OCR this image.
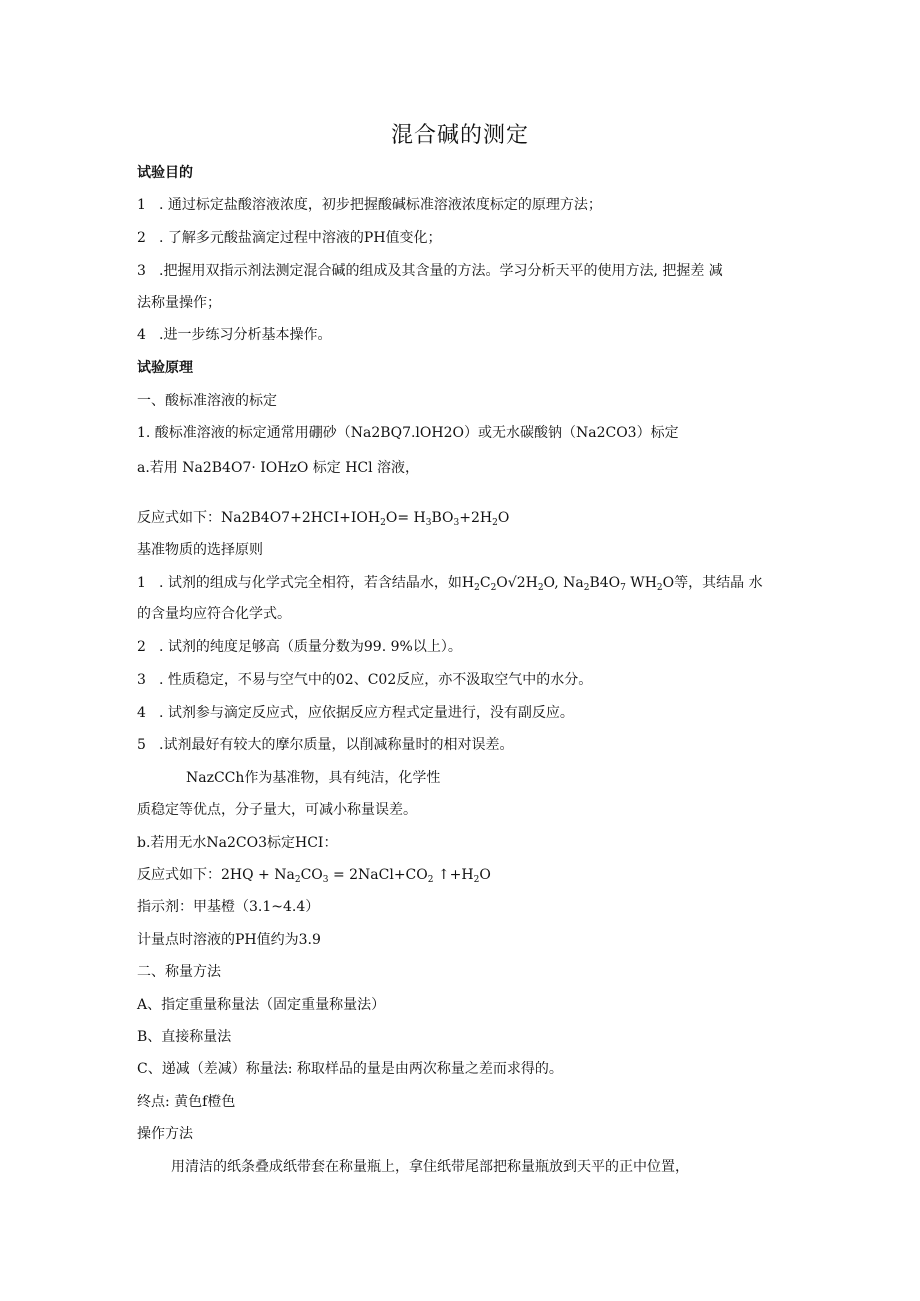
混合碱的测定
试验目的
1 . 通过标定盐酸溶液浓度，初步把握酸碱标准溶液浓度标定的原理方法；
2 . 了解多元酸盐滴定过程中溶液的PH值变化；
3 .把握用双指示剂法测定混合碱的组成及其含量的方法。学习分析天平的使用方法, 把握差 减
法称量操作；
4 .进一步练习分析基本操作。
试验原理
一、酸标准溶液的标定
1. 酸标准溶液的标定通常用硼砂（Na2BQ7.lOH2O）或无水碳酸钠（Na2CO3）标定
a.若用 Na2B4O7· IOHzO 标定 HCl 溶液，
反应式如下：$Na2B4O7+2HCI+IOH_2O= H_3BO_3+2H_2O$
基准物质的选择原则
1 . 试剂的组成与化学式完全相符，若含结晶水，如$H_2C_2O√2H_2O$, $Na_2B4O_7$ $WH_2O$等，其结晶 水
的含量均应符合化学式。
2 . 试剂的纯度足够高（质量分数为99. 9%以上）。
3 . 性质稳定，不易与空气中的02、C02反应，亦不汲取空气中的水分。
4 . 试剂参与滴定反应式，应依据反应方程式定量进行，没有副反应。
5 .试剂最好有较大的摩尔质量，以削减称量时的相对误差。
NazCCh作为基准物，具有纯洁，化学性
质稳定等优点，分子量大，可减小称量误差。
b.若用无水Na2CO3标定HCI：
反应式如下：$2HQ + Na_2CO_3$ = $2NaCl+CO_2$ $↑+H_2O$
指示剂：甲基橙（3.1~4.4）
计量点时溶液的PH值约为3.9
二、称量方法
A、指定重量称量法（固定重量称量法）
B、直接称量法
C、递减（差减）称量法: 称取样品的量是由两次称量之差而求得的。
终点: 黄色f橙色
操作方法
用清洁的纸条叠成纸带套在称量瓶上，拿住纸带尾部把称量瓶放到天平的正中位置，
